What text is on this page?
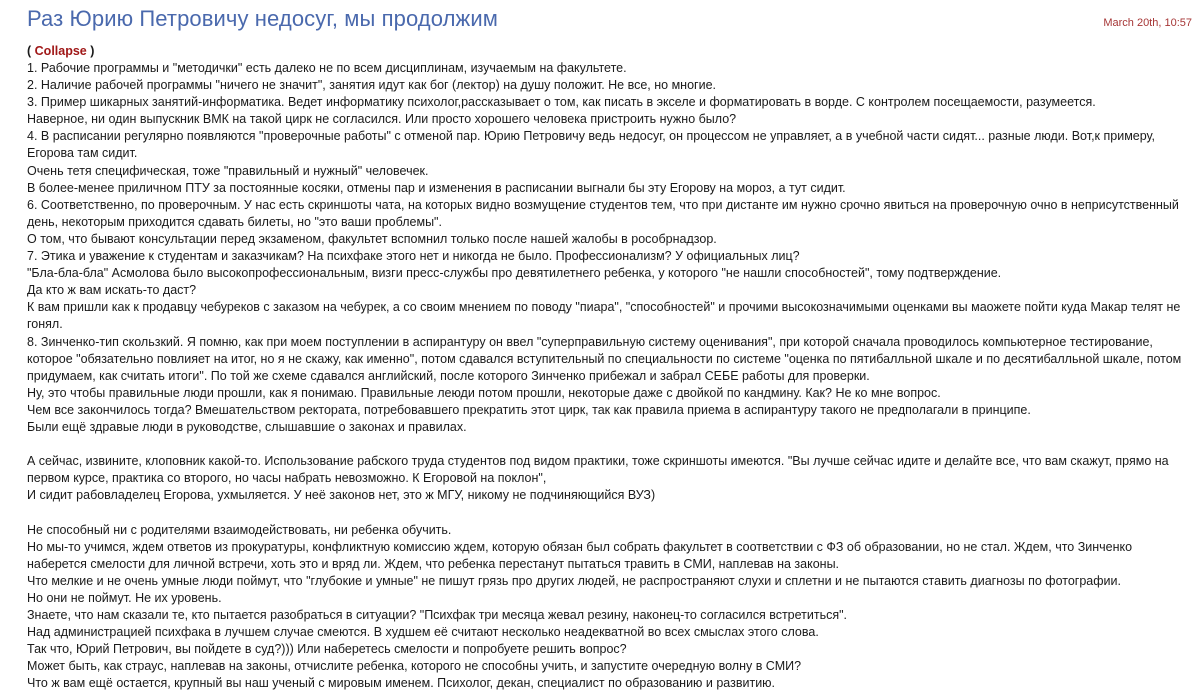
Раз Юрию Петровичу недосуг, мы продолжим	March 20th, 10:57
( Collapse )

1. Рабочие программы и "методички" есть далеко не по всем дисциплинам, изучаемым на факультете.

2. Наличие рабочей программы "ничего не значит", занятия идут как бог (лектор) на душу положит. Не все, но многие.

3. Пример шикарных занятий-информатика. Ведет информатику психолог,рассказывает о том, как писать в экселе и форматировать в ворде. С контролем посещаемости, разумеется.

Наверное, ни один выпускник ВМК на такой цирк не согласился. Или просто хорошего человека пристроить нужно было?

4. В расписании регулярно появляются "проверочные работы" с отменой пар. Юрию Петровичу ведь недосуг, он процессом не управляет, а в учебной части сидят... разные люди. Вот,к примеру, Егорова там сидит.

Очень тетя специфическая, тоже "правильный и нужный" человечек.

В более-менее приличном ПТУ за постоянные косяки, отмены пар и изменения в расписании выгнали бы эту Егорову на мороз, а тут сидит.

6. Соответственно, по проверочным. У нас есть скриншоты чата, на которых видно возмущение студентов тем, что при дистанте им нужно срочно явиться на проверочную очно в неприсутственный день, некоторым приходится сдавать билеты, но "это ваши проблемы".

О том, что бывают консультации перед экзаменом, факультет вспомнил только после нашей жалобы в рособрнадзор.

7. Этика и уважение к студентам и заказчикам? На психфаке этого нет и никогда не было. Профессионализм? У официальных лиц?

"Бла-бла-бла" Асмолова было высокопрофессиональным, визги пресс-службы про девятилетнего ребенка, у которого "не нашли способностей", тому подтверждение.

Да кто ж вам искать-то даст?

К вам пришли как к продавцу чебуреков с заказом на чебурек, а со своим мнением по поводу "пиара", "способностей" и прочими высокозначимыми оценками вы маожете пойти куда Макар телят не гонял.

8. Зинченко-тип скользкий. Я помню, как при моем поступлении в аспирантуру он ввел "суперправильную систему оценивания", при которой сначала проводилось компьютерное тестирование, которое "обязательно повлияет на итог, но я не скажу, как именно", потом сдавался вступительный по специальности по системе "оценка по пятибалльной шкале и по десятибалльной шкале, потом придумаем, как считать итоги". По той же схеме сдавался английский, после которого Зинченко прибежал и забрал СЕБЕ работы для проверки.

Ну, это чтобы правильные люди прошли, как я понимаю. Правильные леюди потом прошли, некоторые даже с двойкой по кандмину. Как? Не ко мне вопрос.

Чем все закончилось тогда? Вмешательством ректората, потребовавшего прекратить этот цирк, так как правила приема в аспирантуру такого не предполагали в принципе.

Были ещё здравые люди в руководстве, слышавшие о законах и правилах.

А сейчас, извините, клоповник какой-то. Использование рабского труда студентов под видом практики, тоже скриншоты имеются. "Вы лучше сейчас идите и делайте все, что вам скажут, прямо на первом курсе, практика со второго, но часы набрать невозможно. К Егоровой на поклон",

И сидит рабовладелец Егорова, ухмыляется. У неё законов нет, это ж МГУ, никому не подчиняющийся ВУЗ)

Не способный ни с родителями взаимодействовать, ни ребенка обучить.

Но мы-то учимся, ждем ответов из прокуратуры, конфликтную комиссию ждем, которую обязан был собрать факультет в соответствии с ФЗ об образовании, но не стал. Ждем, что Зинченко наберется смелости для личной встречи, хоть это и вряд ли. Ждем, что ребенка перестанут пытаться травить в СМИ, наплевав на законы.

Что мелкие и не очень умные люди поймут, что "глубокие и умные" не пишут грязь про других людей, не распространяют слухи и сплетни и не пытаются ставить диагнозы по фотографии.

Но они не поймут. Не их уровень.

Знаете, что нам сказали те, кто пытается разобраться в ситуации? "Психфак три месяца жевал резину, наконец-то согласился встретиться".

Над администрацией психфака в лучшем случае смеются. В худшем её считают несколько неадекватной во всех смыслах этого слова.

Так что, Юрий Петрович, вы пойдете в суд?))) Или наберетесь смелости и попробуете решить вопрос?

Может быть, как страус, наплевав на законы, отчислите ребенка, которого не способны учить, и запустите очередную волну в СМИ?

Что ж вам ещё остается, крупный вы наш ученый с мировым именем. Психолог, декан, специалист по образованию и развитию.
